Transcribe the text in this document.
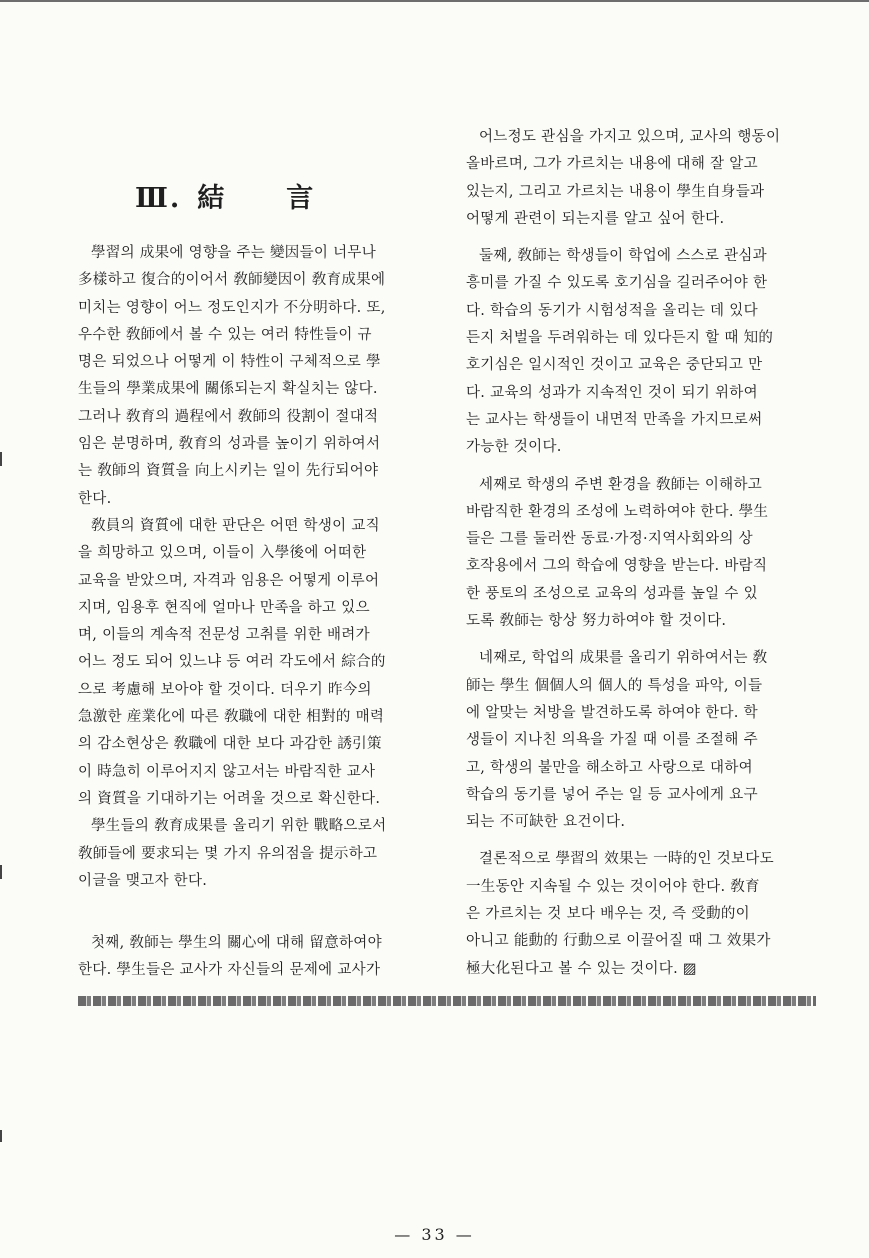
Ⅲ. 結 言

學習의 成果에 영향을 주는 變因들이 너무나
多樣하고 復合的이어서 敎師變因이 敎育成果에
미치는 영향이 어느 정도인지가 不分明하다. 또,
우수한 敎師에서 볼 수 있는 여러 特性들이 규
명은 되었으나 어떻게 이 特性이 구체적으로 學
生들의 學業成果에 關係되는지 확실치는 않다.
그러나 敎育의 過程에서 敎師의 役割이 절대적
임은 분명하며, 敎育의 성과를 높이기 위하여서
는 敎師의 資質을 向上시키는 일이 先行되어야
한다.

敎員의 資質에 대한 판단은 어떤 학생이 교직
을 희망하고 있으며, 이들이 入學後에 어떠한
교육을 받았으며, 자격과 임용은 어떻게 이루어
지며, 임용후 현직에 얼마나 만족을 하고 있으
며, 이들의 계속적 전문성 고취를 위한 배려가
어느 정도 되어 있느냐 등 여러 각도에서 綜合的
으로 考慮해 보아야 할 것이다. 더우기 昨今의
急激한 産業化에 따른 敎職에 대한 相對的 매력
의 감소현상은 敎職에 대한 보다 과감한 誘引策
이 時急히 이루어지지 않고서는 바람직한 교사
의 資質을 기대하기는 어려울 것으로 확신한다.

學生들의 敎育成果를 올리기 위한 戰略으로서
敎師들에 要求되는 몇 가지 유의점을 提示하고
이글을 맺고자 한다.

첫째, 敎師는 學生의 關心에 대해 留意하여야
한다. 學生들은 교사가 자신들의 문제에 교사가

어느정도 관심을 가지고 있으며, 교사의 행동이
올바르며, 그가 가르치는 내용에 대해 잘 알고
있는지, 그리고 가르치는 내용이 學生自身들과
어떻게 관련이 되는지를 알고 싶어 한다.

둘째, 敎師는 학생들이 학업에 스스로 관심과
흥미를 가질 수 있도록 호기심을 길러주어야 한
다. 학습의 동기가 시험성적을 올리는 데 있다
든지 처벌을 두려워하는 데 있다든지 할 때 知的
호기심은 일시적인 것이고 교육은 중단되고 만
다. 교육의 성과가 지속적인 것이 되기 위하여
는 교사는 학생들이 내면적 만족을 가지므로써
가능한 것이다.

세째로 학생의 주변 환경을 敎師는 이해하고
바람직한 환경의 조성에 노력하여야 한다. 學生
들은 그를 둘러싼 동료·가정·지역사회와의 상
호작용에서 그의 학습에 영향을 받는다. 바람직
한 풍토의 조성으로 교육의 성과를 높일 수 있
도록 敎師는 항상 努力하여야 할 것이다.

네째로, 학업의 成果를 올리기 위하여서는 敎
師는 學生 個個人의 個人的 특성을 파악, 이들
에 알맞는 처방을 발견하도록 하여야 한다. 학
생들이 지나친 의욕을 가질 때 이를 조절해 주
고, 학생의 불만을 해소하고 사랑으로 대하여
학습의 동기를 넣어 주는 일 등 교사에게 요구
되는 不可缺한 요건이다.

결론적으로 學習의 效果는 一時的인 것보다도
一生동안 지속될 수 있는 것이어야 한다. 敎育
은 가르치는 것 보다 배우는 것, 즉 受動的이
아니고 能動的 行動으로 이끌어질 때 그 效果가
極大化된다고 볼 수 있는 것이다. ▨

— 33 —
